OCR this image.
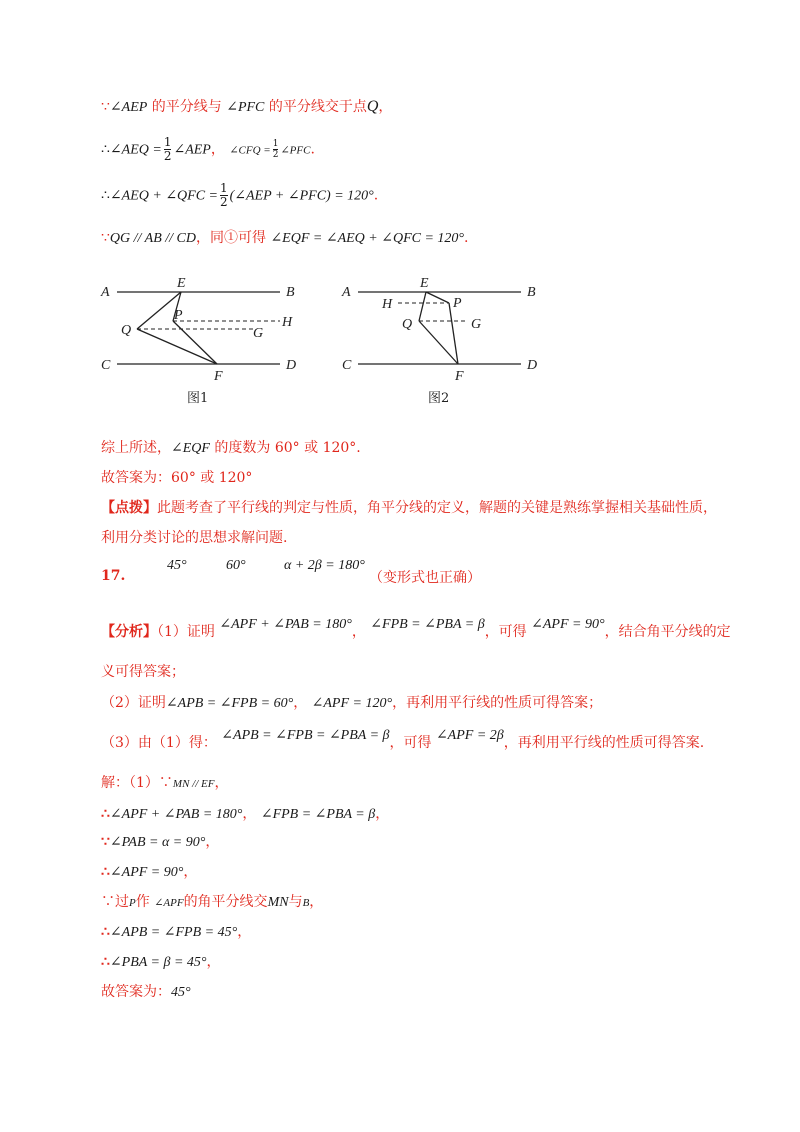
∵∠AEP 的平分线与 ∠PFC 的平分线交于点Q，
∴∠AEQ = $\frac{1}{2}$ ∠AEP， ∠CFQ = $\frac{1}{2}$ ∠PFC.
∴∠AEQ + ∠QFC = $\frac{1}{2}$ (∠AEP + ∠PFC) = 120°.
∵QG // AB // CD，同①可得 ∠EQF = ∠AEQ + ∠QFC = 120°.
A	B
C	D
E
F
P
Q	G
H
图1
A	B
C	D
E
F
P
Q	G
H
图2
综上所述，∠EQF 的度数为 60° 或 120°.
故答案为：60° 或 120°
【点拨】此题考查了平行线的判定与性质，角平分线的定义，解题的关键是熟练掌握相关基础性质，
利用分类讨论的思想求解问题.
17.
45°	60°	α + 2β = 180°
（变形式也正确）
【分析】（1）证明 ∠APF + ∠PAB = 180°， ∠FPB = ∠PBA = β，可得 ∠APF = 90°，结合角平分线的定
义可得答案；
（2）证明∠APB = ∠FPB = 60°， ∠APF = 120°，再利用平行线的性质可得答案；
（3）由（1）得： ∠APB = ∠FPB = ∠PBA = β，可得 ∠APF = 2β，再利用平行线的性质可得答案.
解：（1）∵MN // EF，
∴∠APF + ∠PAB = 180°， ∠FPB = ∠PBA = β，
∵∠PAB = α = 90°，
∴∠APF = 90°，
∵过P作 ∠APF的角平分线交MN与B，
∴∠APB = ∠FPB = 45°，
∴∠PBA = β = 45°，
故答案为：45°
